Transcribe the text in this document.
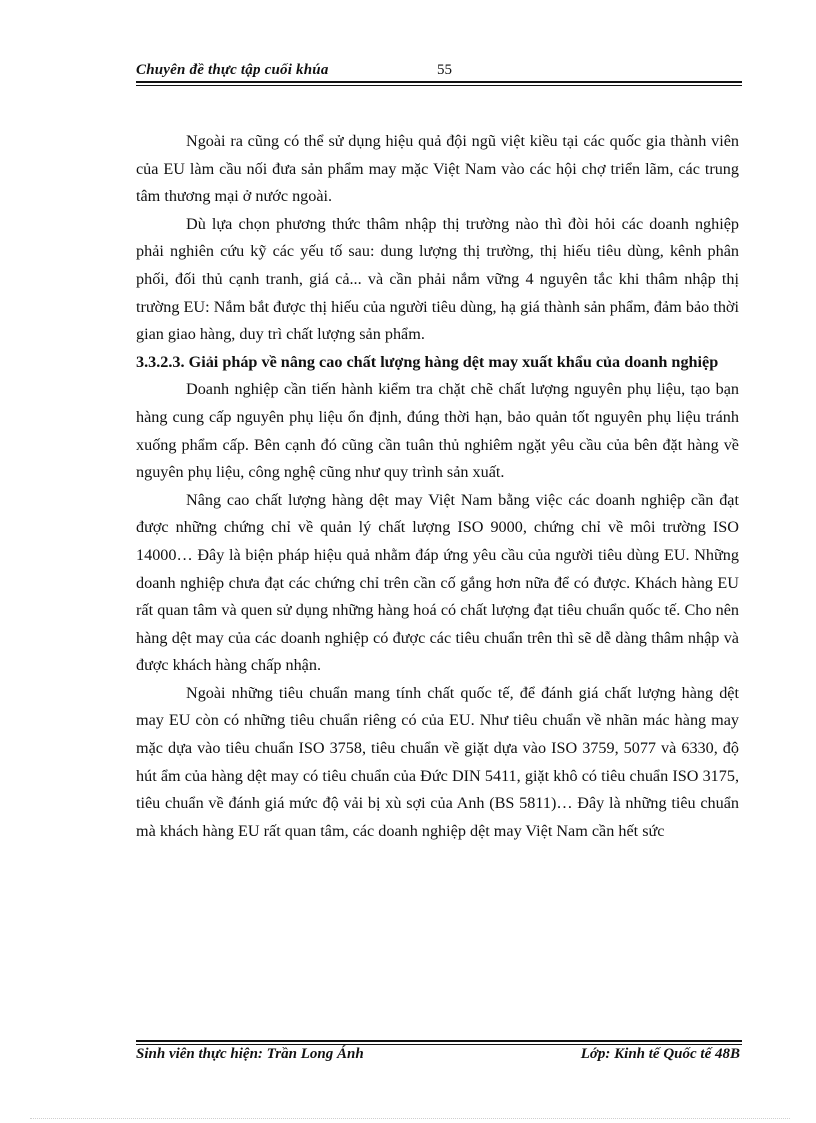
Chuyên đề thực tập cuối khúa	55

Ngoài ra cũng có thể sử dụng hiệu quả đội ngũ việt kiều tại các quốc gia thành viên của EU làm cầu nối đưa sản phẩm may mặc Việt Nam vào các hội chợ triển lãm, các trung tâm thương mại ở nước ngoài.

Dù lựa chọn phương thức thâm nhập thị trường nào thì đòi hỏi các doanh nghiệp phải nghiên cứu kỹ các yếu tố sau: dung lượng thị trường, thị hiếu tiêu dùng, kênh phân phối, đối thủ cạnh tranh, giá cả... và cần phải nắm vững 4 nguyên tắc khi thâm nhập thị trường EU: Nắm bắt được thị hiếu của người tiêu dùng, hạ giá thành sản phẩm, đảm bảo thời gian giao hàng, duy trì chất lượng sản phẩm.

3.3.2.3. Giải pháp về nâng cao chất lượng hàng dệt may xuất khẩu của doanh nghiệp

Doanh nghiệp cần tiến hành kiểm tra chặt chẽ chất lượng nguyên phụ liệu, tạo bạn hàng cung cấp nguyên phụ liệu ổn định, đúng thời hạn, bảo quản tốt nguyên phụ liệu tránh xuống phẩm cấp. Bên cạnh đó cũng cần tuân thủ nghiêm ngặt yêu cầu của bên đặt hàng về nguyên phụ liệu, công nghệ cũng như quy trình sản xuất.

Nâng cao chất lượng hàng dệt may Việt Nam bằng việc các doanh nghiệp cần đạt được những chứng chỉ về quản lý chất lượng ISO 9000, chứng chỉ về môi trường ISO 14000… Đây là biện pháp hiệu quả nhằm đáp ứng yêu cầu của người tiêu dùng EU. Những doanh nghiệp chưa đạt các chứng chỉ trên cần cố gắng hơn nữa để có được. Khách hàng EU rất quan tâm và quen sử dụng những hàng hoá có chất lượng đạt tiêu chuẩn quốc tế. Cho nên hàng dệt may của các doanh nghiệp có được các tiêu chuẩn trên thì sẽ dễ dàng thâm nhập và được khách hàng chấp nhận.

Ngoài những tiêu chuẩn mang tính chất quốc tế, để đánh giá chất lượng hàng dệt may EU còn có những tiêu chuẩn riêng có của EU. Như tiêu chuẩn về nhãn mác hàng may mặc dựa vào tiêu chuẩn ISO 3758, tiêu chuẩn về giặt dựa vào ISO 3759, 5077 và 6330, độ hút ẩm của hàng dệt may có tiêu chuẩn của Đức DIN 5411, giặt khô có tiêu chuẩn ISO 3175, tiêu chuẩn về đánh giá mức độ vải bị xù sợi của Anh (BS 5811)… Đây là những tiêu chuẩn mà khách hàng EU rất quan tâm, các doanh nghiệp dệt may Việt Nam cần hết sức

Sinh viên thực hiện: Trần Long Ánh	Lớp: Kinh tế Quốc tế 48B
